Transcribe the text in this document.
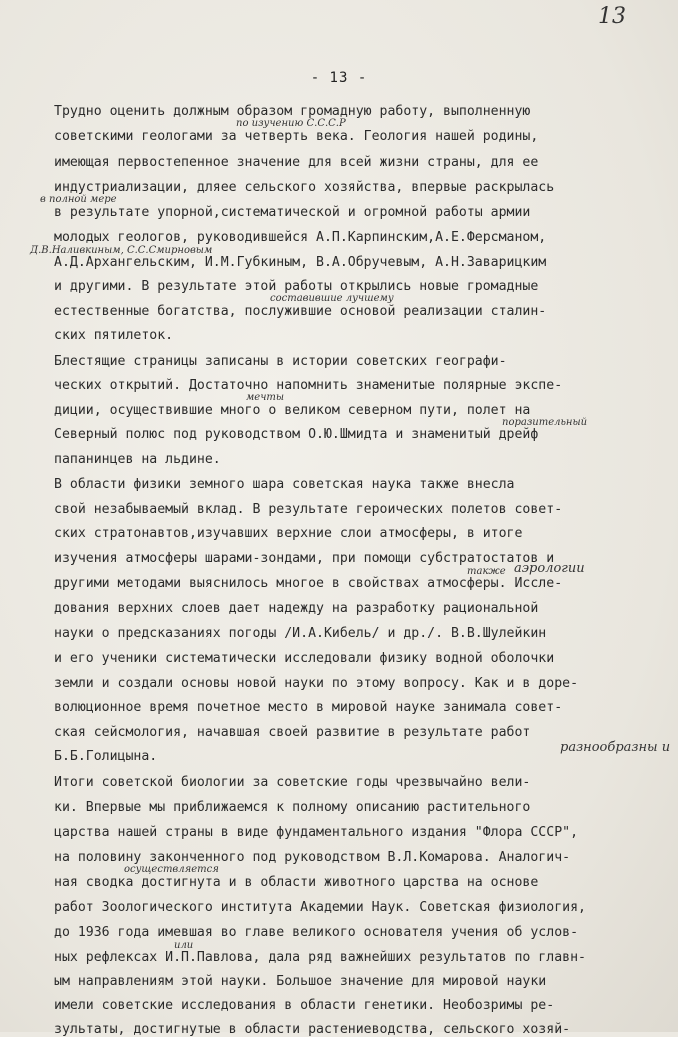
13
- 13 -
Трудно оценить должным образом громадную работу, выполненную
советскими геологами за четверть века. Геология нашей родины,
имеющая первостепенное значение для всей жизни страны, для ее
индустриализации, дляее сельского хозяйства, впервые раскрылась
в результате упорной,систематической и огромной работы армии
молодых геологов, руководившейся А.П.Карпинским,А.Е.Ферсманом,
А.Д.Архангельским, И.М.Губкиным, В.А.Обручевым, А.Н.Заварицким
и другими. В результате этой работы открылись новые громадные
естественные богатства, послужившие основой реализации сталин-
ских пятилеток.
Блестящие страницы записаны в истории советских географи-
ческих открытий. Достаточно напомнить знаменитые полярные экспе-
диции, осуществившие много о великом северном пути, полет на
Северный полюс под руководством О.Ю.Шмидта и знаменитый дрейф
папанинцев на льдине.
В области физики земного шара советская наука также внесла
свой незабываемый вклад. В результате героических полетов совет-
ских стратонавтов,изучавших верхние слои атмосферы, в итоге
изучения атмосферы шарами-зондами, при помощи субстратостатов и
другими методами выяснилось многое в свойствах атмосферы. Иссле-
дования верхних слоев дает надежду на разработку рациональной
науки о предсказаниях погоды /И.А.Кибель/ и др./. В.В.Шулейкин
и его ученики систематически исследовали физику водной оболочки
земли и создали основы новой науки по этому вопросу. Как и в доре-
волюционное время почетное место в мировой науке занимала совет-
ская сейсмология, начавшая своей развитие в результате работ
Б.Б.Голицына.
Итоги советской биологии за советские годы чрезвычайно вели-
ки. Впервые мы приближаемся к полному описанию растительного
царства нашей страны в виде фундаментального издания "Флора СССР",
на половину законченного под руководством В.Л.Комарова. Аналогич-
ная сводка достигнута и в области животного царства на основе
работ Зоологического института Академии Наук. Советская физиология,
до 1936 года имевшая во главе великого основателя учения об услов-
ных рефлексах И.П.Павлова, дала ряд важнейших результатов по главн-
ым направлениям этой науки. Большое значение для мировой науки
имели советские исследования в области генетики. Необозримы ре-
зультаты, достигнутые в области растениеводства, сельского хозяй-
по изучению С.С.С.Р
в полной мере
Д.В.Наливкиным, С.С.Смирновым
составившие лучшему
мечты
поразительный
также аэрологии
разнообразны и
осуществляется
или
